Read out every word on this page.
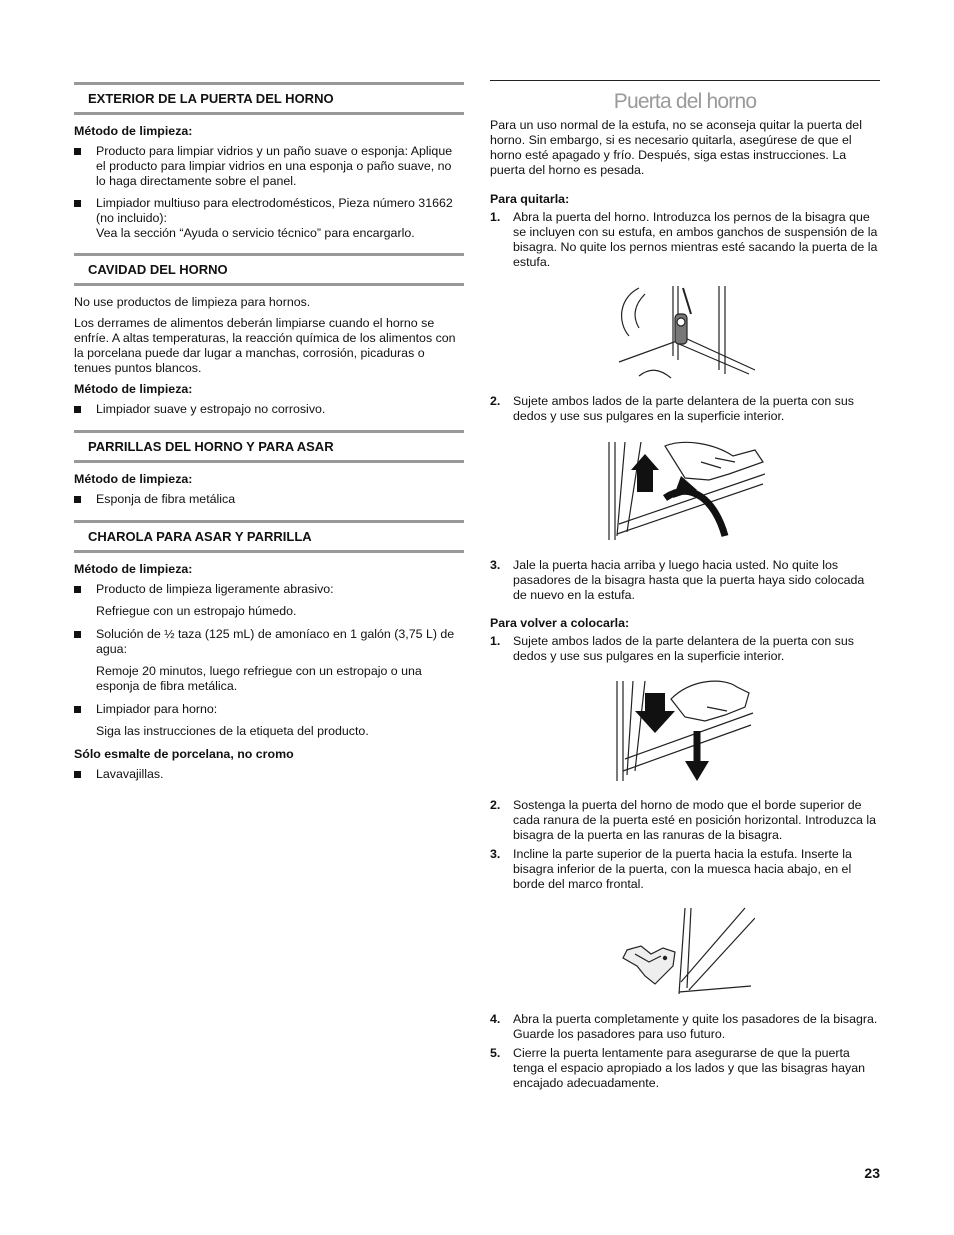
EXTERIOR DE LA PUERTA DEL HORNO
Método de limpieza:
Producto para limpiar vidrios y un paño suave o esponja: Aplique el producto para limpiar vidrios en una esponja o paño suave, no lo haga directamente sobre el panel.
Limpiador multiuso para electrodomésticos, Pieza número 31662 (no incluido):
Vea la sección “Ayuda o servicio técnico” para encargarlo.
CAVIDAD DEL HORNO

No use productos de limpieza para hornos.

Los derrames de alimentos deberán limpiarse cuando el horno se enfríe. A altas temperaturas, la reacción química de los alimentos con la porcelana puede dar lugar a manchas, corrosión, picaduras o tenues puntos blancos.

Método de limpieza:
Limpiador suave y estropajo no corrosivo.
PARRILLAS DEL HORNO Y PARA ASAR
Método de limpieza:
Esponja de fibra metálica
CHAROLA PARA ASAR Y PARRILLA
Método de limpieza:
Producto de limpieza ligeramente abrasivo:
Refriegue con un estropajo húmedo.
Solución de ½ taza (125 mL) de amoníaco en 1 galón (3,75 L) de agua:
Remoje 20 minutos, luego refriegue con un estropajo o una esponja de fibra metálica.
Limpiador para horno:
Siga las instrucciones de la etiqueta del producto.
Sólo esmalte de porcelana, no cromo
Lavavajillas.
Puerta del horno

Para un uso normal de la estufa, no se aconseja quitar la puerta del horno. Sin embargo, si es necesario quitarla, asegúrese de que el horno esté apagado y frío. Después, siga estas instrucciones. La puerta del horno es pesada.

Para quitarla:
1. Abra la puerta del horno. Introduzca los pernos de la bisagra que se incluyen con su estufa, en ambos ganchos de suspensión de la bisagra. No quite los pernos mientras esté sacando la puerta de la estufa.
2. Sujete ambos lados de la parte delantera de la puerta con sus dedos y use sus pulgares en la superficie interior.
3. Jale la puerta hacia arriba y luego hacia usted. No quite los pasadores de la bisagra hasta que la puerta haya sido colocada de nuevo en la estufa.
Para volver a colocarla:
1. Sujete ambos lados de la parte delantera de la puerta con sus dedos y use sus pulgares en la superficie interior.
2. Sostenga la puerta del horno de modo que el borde superior de cada ranura de la puerta esté en posición horizontal. Introduzca la bisagra de la puerta en las ranuras de la bisagra.
3. Incline la parte superior de la puerta hacia la estufa. Inserte la bisagra inferior de la puerta, con la muesca hacia abajo, en el borde del marco frontal.
4. Abra la puerta completamente y quite los pasadores de la bisagra. Guarde los pasadores para uso futuro.
5. Cierre la puerta lentamente para asegurarse de que la puerta tenga el espacio apropiado a los lados y que las bisagras hayan encajado adecuadamente.
23
